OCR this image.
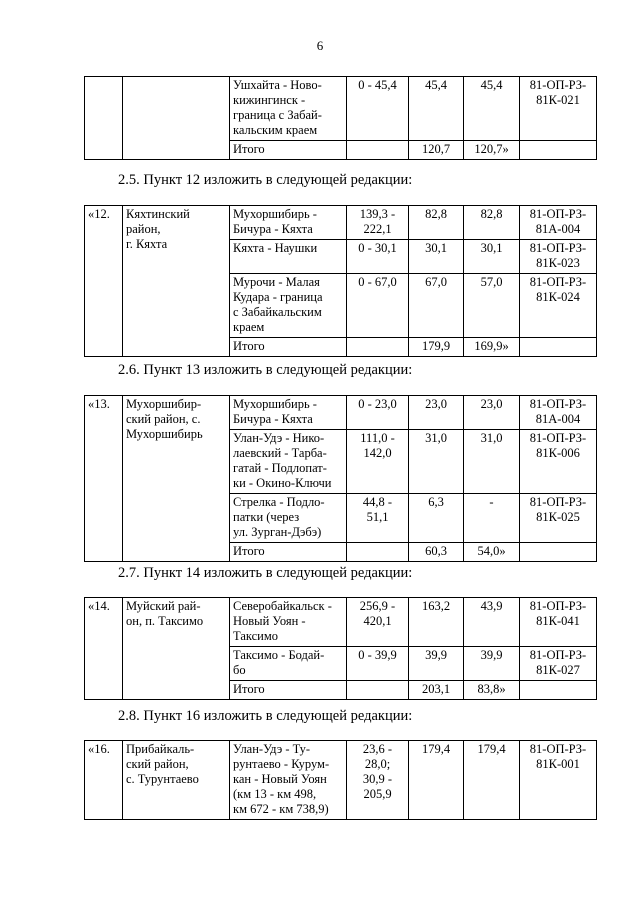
6
		Ушхайта - Ново-
кижингинск -
граница с Забай-
кальским краем	0 - 45,4	45,4	45,4	81-ОП-РЗ-
81К-021
		Итого		120,7	120,7»	
2.5. Пункт 12 изложить в следующей редакции:
«12.	Кяхтинский
район,
г. Кяхта	Мухоршибирь -
Бичура - Кяхта	139,3 -
222,1	82,8	82,8	81-ОП-РЗ-
81А-004
		Кяхта - Наушки	0 - 30,1	30,1	30,1	81-ОП-РЗ-
81К-023
		Мурочи - Малая
Кудара - граница
с Забайкальским
краем	0 - 67,0	67,0	57,0	81-ОП-РЗ-
81К-024
		Итого		179,9	169,9»	
2.6. Пункт 13 изложить в следующей редакции:
«13.	Мухоршибир-
ский район, с.
Мухоршибирь	Мухоршибирь -
Бичура - Кяхта	0 - 23,0	23,0	23,0	81-ОП-РЗ-
81А-004
		Улан-Удэ - Нико-
лаевский - Тарба-
гатай - Подлопат-
ки - Окино-Ключи	111,0 -
142,0	31,0	31,0	81-ОП-РЗ-
81К-006
		Стрелка - Подло-
патки (через
ул. Зурган-Дэбэ)	44,8 -
51,1	6,3	-	81-ОП-РЗ-
81К-025
		Итого		60,3	54,0»	
2.7. Пункт 14 изложить в следующей редакции:
«14.	Муйский рай-
он, п. Таксимо	Северобайкальск -
Новый Уоян -
Таксимо	256,9 -
420,1	163,2	43,9	81-ОП-РЗ-
81К-041
		Таксимо - Бодай-
бо	0 - 39,9	39,9	39,9	81-ОП-РЗ-
81К-027
		Итого		203,1	83,8»	
2.8. Пункт 16 изложить в следующей редакции:
«16.	Прибайкаль-
ский район,
с. Турунтаево	Улан-Удэ - Ту-
рунтаево - Курум-
кан - Новый Уоян
(км 13 - км 498,
км 672 - км 738,9)	23,6 -
28,0;
30,9 -
205,9	179,4	179,4	81-ОП-РЗ-
81К-001
